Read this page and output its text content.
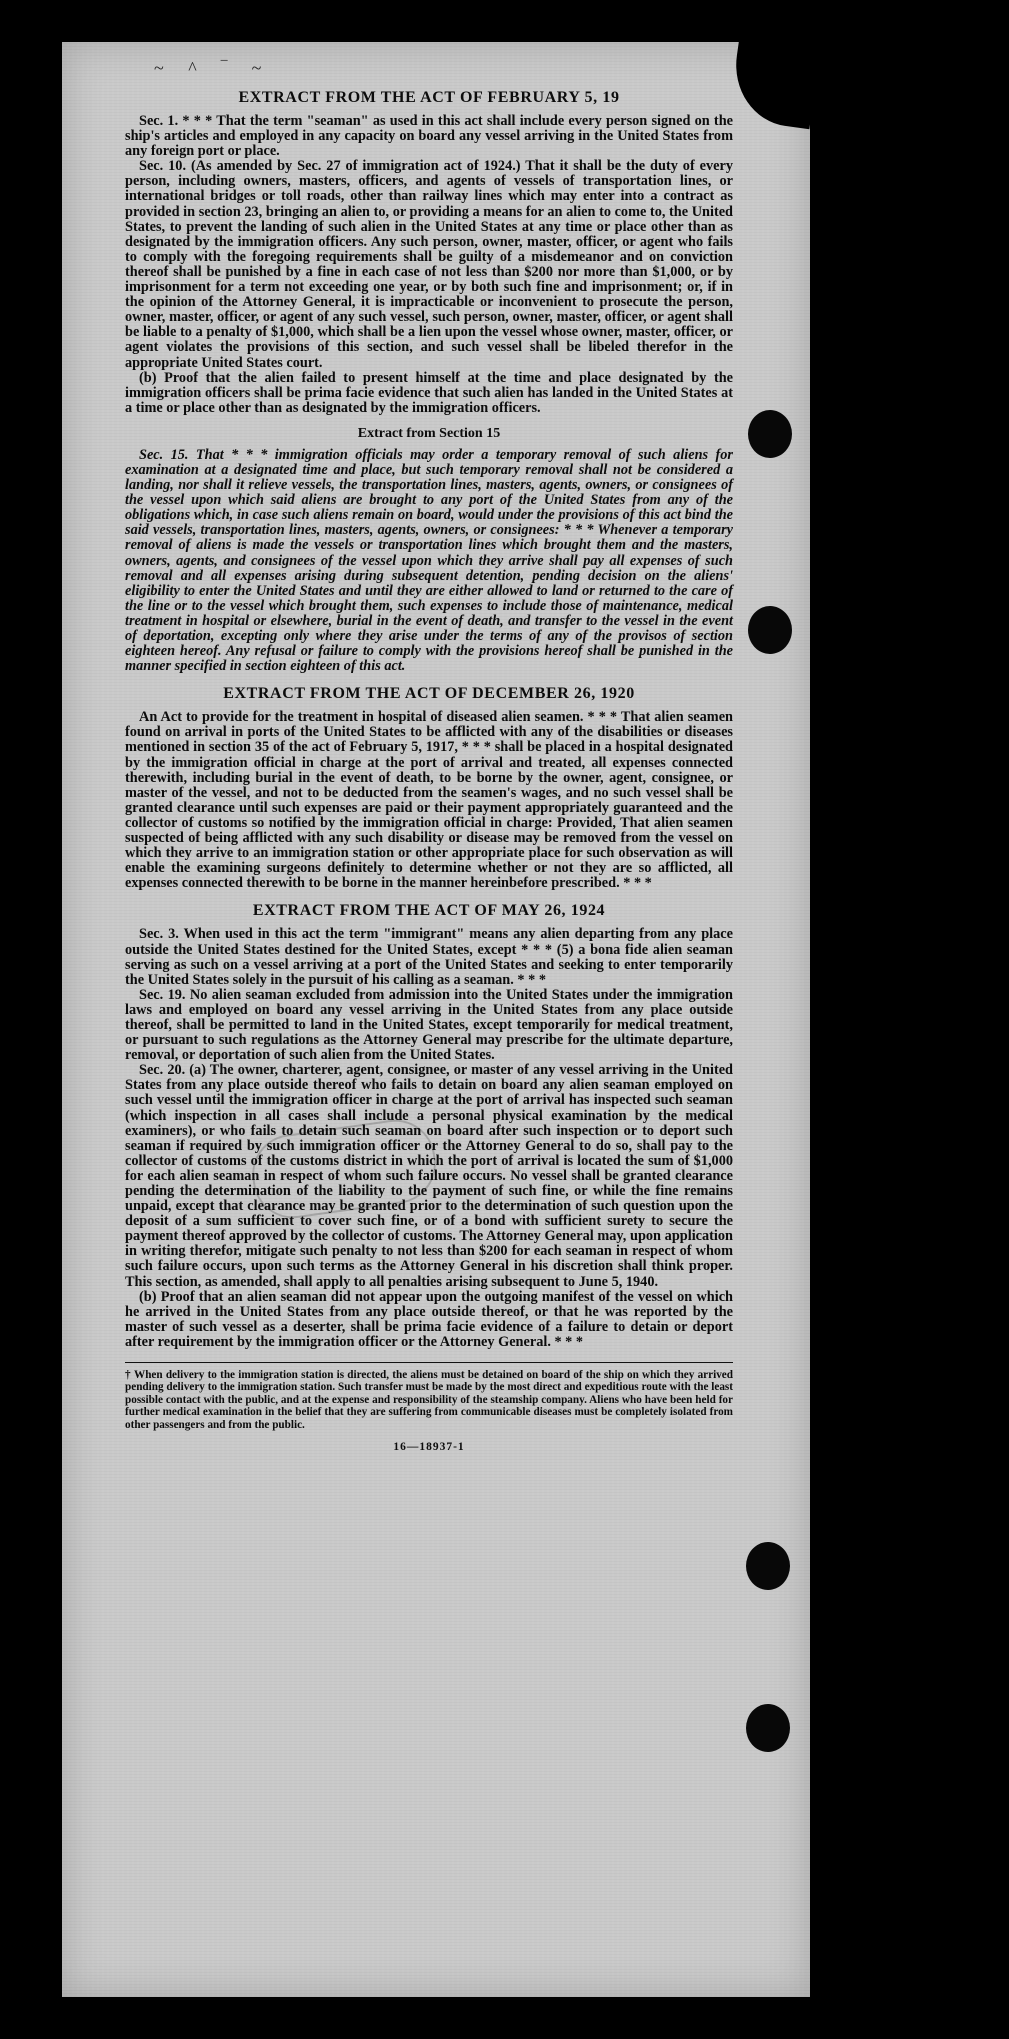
~ ^ ‾ ~
EXTRACT FROM THE ACT OF FEBRUARY 5, 19

Sec. 1. * * * That the term "seaman" as used in this act shall include every person signed on the ship's articles and employed in any capacity on board any vessel arriving in the United States from any foreign port or place.

Sec. 10. (As amended by Sec. 27 of immigration act of 1924.) That it shall be the duty of every person, including owners, masters, officers, and agents of vessels of transportation lines, or international bridges or toll roads, other than railway lines which may enter into a contract as provided in section 23, bringing an alien to, or providing a means for an alien to come to, the United States, to prevent the landing of such alien in the United States at any time or place other than as designated by the immigration officers. Any such person, owner, master, officer, or agent who fails to comply with the foregoing requirements shall be guilty of a misdemeanor and on conviction thereof shall be punished by a fine in each case of not less than $200 nor more than $1,000, or by imprisonment for a term not exceeding one year, or by both such fine and imprisonment; or, if in the opinion of the Attorney General, it is impracticable or inconvenient to prosecute the person, owner, master, officer, or agent of any such vessel, such person, owner, master, officer, or agent shall be liable to a penalty of $1,000, which shall be a lien upon the vessel whose owner, master, officer, or agent violates the provisions of this section, and such vessel shall be libeled therefor in the appropriate United States court.

(b) Proof that the alien failed to present himself at the time and place designated by the immigration officers shall be prima facie evidence that such alien has landed in the United States at a time or place other than as designated by the immigration officers.

Extract from Section 15

Sec. 15. That * * * immigration officials may order a temporary removal of such aliens for examination at a designated time and place, but such temporary removal shall not be considered a landing, nor shall it relieve vessels, the transportation lines, masters, agents, owners, or consignees of the vessel upon which said aliens are brought to any port of the United States from any of the obligations which, in case such aliens remain on board, would under the provisions of this act bind the said vessels, transportation lines, masters, agents, owners, or consignees: * * * Whenever a temporary removal of aliens is made the vessels or transportation lines which brought them and the masters, owners, agents, and consignees of the vessel upon which they arrive shall pay all expenses of such removal and all expenses arising during subsequent detention, pending decision on the aliens' eligibility to enter the United States and until they are either allowed to land or returned to the care of the line or to the vessel which brought them, such expenses to include those of maintenance, medical treatment in hospital or elsewhere, burial in the event of death, and transfer to the vessel in the event of deportation, excepting only where they arise under the terms of any of the provisos of section eighteen hereof. Any refusal or failure to comply with the provisions hereof shall be punished in the manner specified in section eighteen of this act.

EXTRACT FROM THE ACT OF DECEMBER 26, 1920

An Act to provide for the treatment in hospital of diseased alien seamen. * * * That alien seamen found on arrival in ports of the United States to be afflicted with any of the disabilities or diseases mentioned in section 35 of the act of February 5, 1917, * * * shall be placed in a hospital designated by the immigration official in charge at the port of arrival and treated, all expenses connected therewith, including burial in the event of death, to be borne by the owner, agent, consignee, or master of the vessel, and not to be deducted from the seamen's wages, and no such vessel shall be granted clearance until such expenses are paid or their payment appropriately guaranteed and the collector of customs so notified by the immigration official in charge: Provided, That alien seamen suspected of being afflicted with any such disability or disease may be removed from the vessel on which they arrive to an immigration station or other appropriate place for such observation as will enable the examining surgeons definitely to determine whether or not they are so afflicted, all expenses connected therewith to be borne in the manner hereinbefore prescribed. * * *

EXTRACT FROM THE ACT OF MAY 26, 1924

Sec. 3. When used in this act the term "immigrant" means any alien departing from any place outside the United States destined for the United States, except * * * (5) a bona fide alien seaman serving as such on a vessel arriving at a port of the United States and seeking to enter temporarily the United States solely in the pursuit of his calling as a seaman. * * *

Sec. 19. No alien seaman excluded from admission into the United States under the immigration laws and employed on board any vessel arriving in the United States from any place outside thereof, shall be permitted to land in the United States, except temporarily for medical treatment, or pursuant to such regulations as the Attorney General may prescribe for the ultimate departure, removal, or deportation of such alien from the United States.

Sec. 20. (a) The owner, charterer, agent, consignee, or master of any vessel arriving in the United States from any place outside thereof who fails to detain on board any alien seaman employed on such vessel until the immigration officer in charge at the port of arrival has inspected such seaman (which inspection in all cases shall include a personal physical examination by the medical examiners), or who fails to detain such seaman on board after such inspection or to deport such seaman if required by such immigration officer or the Attorney General to do so, shall pay to the collector of customs of the customs district in which the port of arrival is located the sum of $1,000 for each alien seaman in respect of whom such failure occurs. No vessel shall be granted clearance pending the determination of the liability to the payment of such fine, or while the fine remains unpaid, except that clearance may be granted prior to the determination of such question upon the deposit of a sum sufficient to cover such fine, or of a bond with sufficient surety to secure the payment thereof approved by the collector of customs. The Attorney General may, upon application in writing therefor, mitigate such penalty to not less than $200 for each seaman in respect of whom such failure occurs, upon such terms as the Attorney General in his discretion shall think proper. This section, as amended, shall apply to all penalties arising subsequent to June 5, 1940.

(b) Proof that an alien seaman did not appear upon the outgoing manifest of the vessel on which he arrived in the United States from any place outside thereof, or that he was reported by the master of such vessel as a deserter, shall be prima facie evidence of a failure to detain or deport after requirement by the immigration officer or the Attorney General. * * *

† When delivery to the immigration station is directed, the aliens must be detained on board of the ship on which they arrived pending delivery to the immigration station. Such transfer must be made by the most direct and expeditious route with the least possible contact with the public, and at the expense and responsibility of the steamship company. Aliens who have been held for further medical examination in the belief that they are suffering from communicable diseases must be completely isolated from other passengers and from the public.

16—18937-1
